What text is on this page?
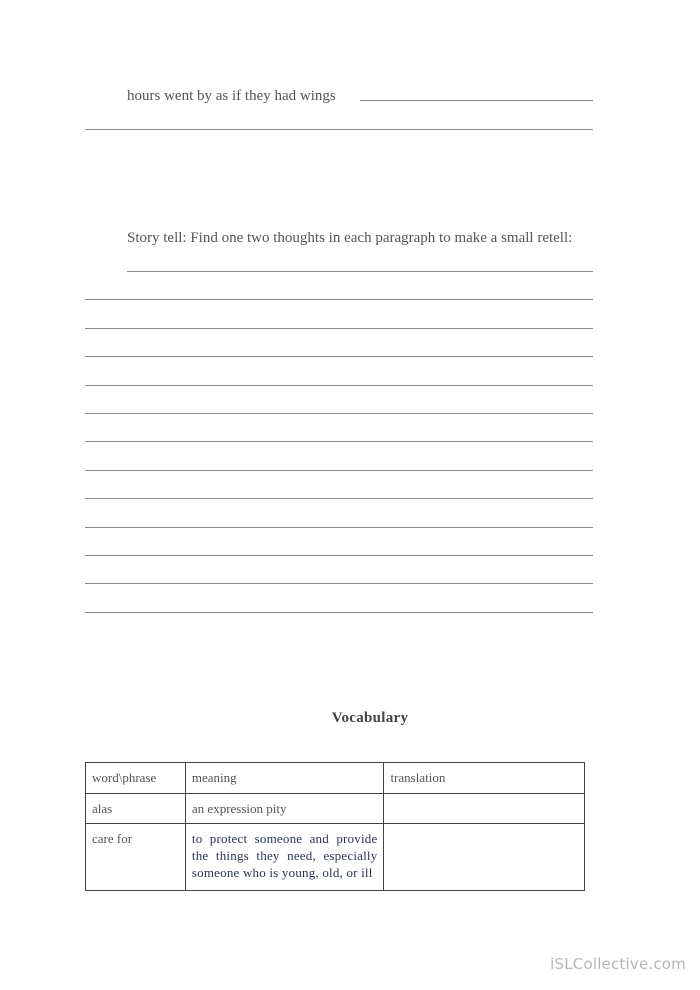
hours went by as if they had wings
Story tell: Find one two thoughts in each paragraph to make a small retell:
Vocabulary
word\phrase	meaning	translation
alas	an expression pity	
care for	to protect someone and provide the things they need, especially someone who is young, old, or ill	
iSLCollective.com
